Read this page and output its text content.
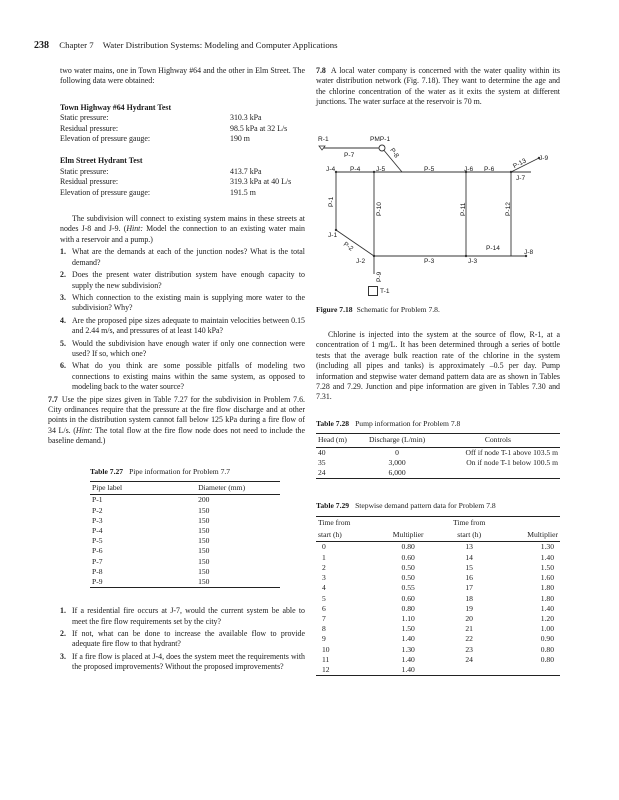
238 Chapter 7 Water Distribution Systems: Modeling and Computer Applications

two water mains, one in Town Highway #64 and the other in Elm Street. The following data were obtained:

Town Highway #64 Hydrant Test
Static pressure:	310.3 kPa
Residual pressure:	98.5 kPa at 32 L/s
Elevation of pressure gauge:	190 m
Elm Street Hydrant Test
Static pressure:	413.7 kPa
Residual pressure:	319.3 kPa at 40 L/s
Elevation of pressure gauge:	191.5 m

The subdivision will connect to existing system mains in these streets at nodes J-8 and J-9. (Hint: Model the connection to an existing water main with a reservoir and a pump.)

1. What are the demands at each of the junction nodes? What is the total demand?
2. Does the present water distribution system have enough capacity to supply the new subdivision?
3. Which connection to the existing main is supplying more water to the subdivision? Why?
4. Are the proposed pipe sizes adequate to maintain velocities between 0.15 and 2.44 m/s, and pressures of at least 140 kPa?
5. Would the subdivision have enough water if only one connection were used? If so, which one?
6. What do you think are some possible pitfalls of modeling two connections to existing mains within the same system, as opposed to modeling back to the water source?

7.7 Use the pipe sizes given in Table 7.27 for the subdivision in Problem 7.6. City ordinances require that the pressure at the fire flow discharge and at other points in the distribution system cannot fall below 125 kPa during a fire flow of 34 L/s. (Hint: The total flow at the fire flow node does not need to include the baseline demand.)

Table 7.27 Pipe information for Problem 7.7
Pipe label	Diameter (mm)
P-1	200
P-2	150
P-3	150
P-4	150
P-5	150
P-6	150
P-7	150
P-8	150
P-9	150
1. If a residential fire occurs at J-7, would the current system be able to meet the fire flow requirements set by the city?
2. If not, what can be done to increase the available flow to provide adequate fire flow to that hydrant?
3. If a fire flow is placed at J-4, does the system meet the requirements with the proposed improvements? Without the proposed improvements?

7.8 A local water company is concerned with the water quality within its water distribution network (Fig. 7.18). They want to determine the age and the chlorine concentration of the water as it exits the system at different junctions. The water surface at the reservoir is 70 m.

R-1	PMP-1
P-7	P-8
J-4 P-4 J-5	P-5	J-6 P-6	P-13 J-9
J-7
P-1
P-10	P-11	P-12
J-1
P-2	P-14
J-8
J-2	P-3	J-3
P-9
T-1
Figure 7.18 Schematic for Problem 7.8.

Chlorine is injected into the system at the source of flow, R-1, at a concentration of 1 mg/L. It has been determined through a series of bottle tests that the average bulk reaction rate of the chlorine in the system (including all pipes and tanks) is approximately –0.5 per day. Pump information and stepwise water demand pattern data are as shown in Tables 7.28 and 7.29. Junction and pipe information are given in Tables 7.30 and 7.31.

Table 7.28 Pump information for Problem 7.8
Head (m)	Discharge (L/min)	Controls
40	0	Off if node T-1 above 103.5 m
35	3,000	On if node T-1 below 100.5 m
24	6,000	
Table 7.29 Stepwise demand pattern data for Problem 7.8
Time from		Time from	
start (h)	Multiplier	start (h)	Multiplier
0	0.80	13	1.30
1	0.60	14	1.40
2	0.50	15	1.50
3	0.50	16	1.60
4	0.55	17	1.80
5	0.60	18	1.80
6	0.80	19	1.40
7	1.10	20	1.20
8	1.50	21	1.00
9	1.40	22	0.90
10	1.30	23	0.80
11	1.40	24	0.80
12	1.40		
